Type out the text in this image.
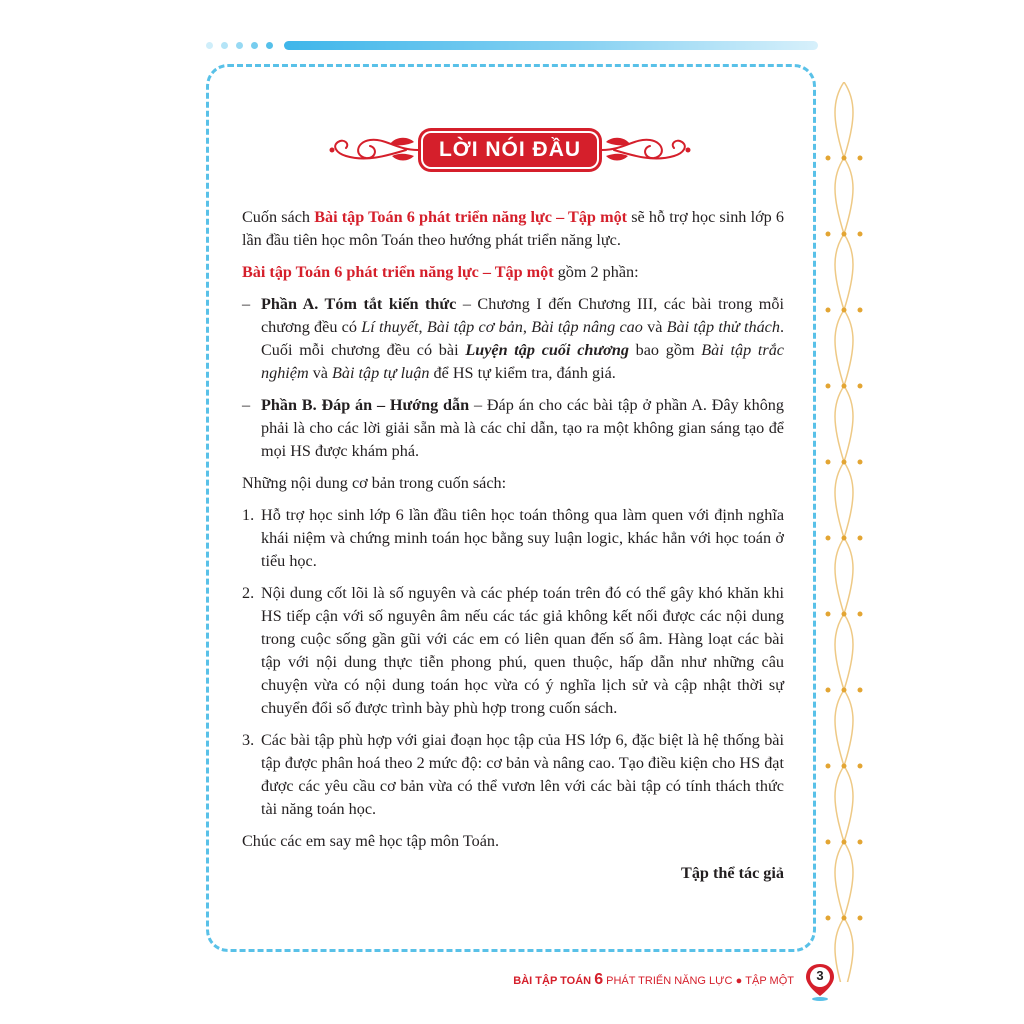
LỜI NÓI ĐẦU

Cuốn sách Bài tập Toán 6 phát triển năng lực – Tập một sẽ hỗ trợ học sinh lớp 6 lần đầu tiên học môn Toán theo hướng phát triển năng lực.

Bài tập Toán 6 phát triển năng lực – Tập một gồm 2 phần:

– Phần A. Tóm tắt kiến thức – Chương I đến Chương III, các bài trong mỗi chương đều có Lí thuyết, Bài tập cơ bản, Bài tập nâng cao và Bài tập thử thách. Cuối mỗi chương đều có bài Luyện tập cuối chương bao gồm Bài tập trắc nghiệm và Bài tập tự luận để HS tự kiểm tra, đánh giá.

– Phần B. Đáp án – Hướng dẫn – Đáp án cho các bài tập ở phần A. Đây không phải là cho các lời giải sẵn mà là các chỉ dẫn, tạo ra một không gian sáng tạo để mọi HS được khám phá.

Những nội dung cơ bản trong cuốn sách:

1. Hỗ trợ học sinh lớp 6 lần đầu tiên học toán thông qua làm quen với định nghĩa khái niệm và chứng minh toán học bằng suy luận logic, khác hẳn với học toán ở tiểu học.

2. Nội dung cốt lõi là số nguyên và các phép toán trên đó có thể gây khó khăn khi HS tiếp cận với số nguyên âm nếu các tác giả không kết nối được các nội dung trong cuộc sống gần gũi với các em có liên quan đến số âm. Hàng loạt các bài tập với nội dung thực tiễn phong phú, quen thuộc, hấp dẫn như những câu chuyện vừa có nội dung toán học vừa có ý nghĩa lịch sử và cập nhật thời sự chuyển đổi số được trình bày phù hợp trong cuốn sách.

3. Các bài tập phù hợp với giai đoạn học tập của HS lớp 6, đặc biệt là hệ thống bài tập được phân hoá theo 2 mức độ: cơ bản và nâng cao. Tạo điều kiện cho HS đạt được các yêu cầu cơ bản vừa có thể vươn lên với các bài tập có tính thách thức tài năng toán học.

Chúc các em say mê học tập môn Toán.

Tập thể tác giả

BÀI TẬP TOÁN 6 PHÁT TRIỂN NĂNG LỰC ● TẬP MỘT	3
